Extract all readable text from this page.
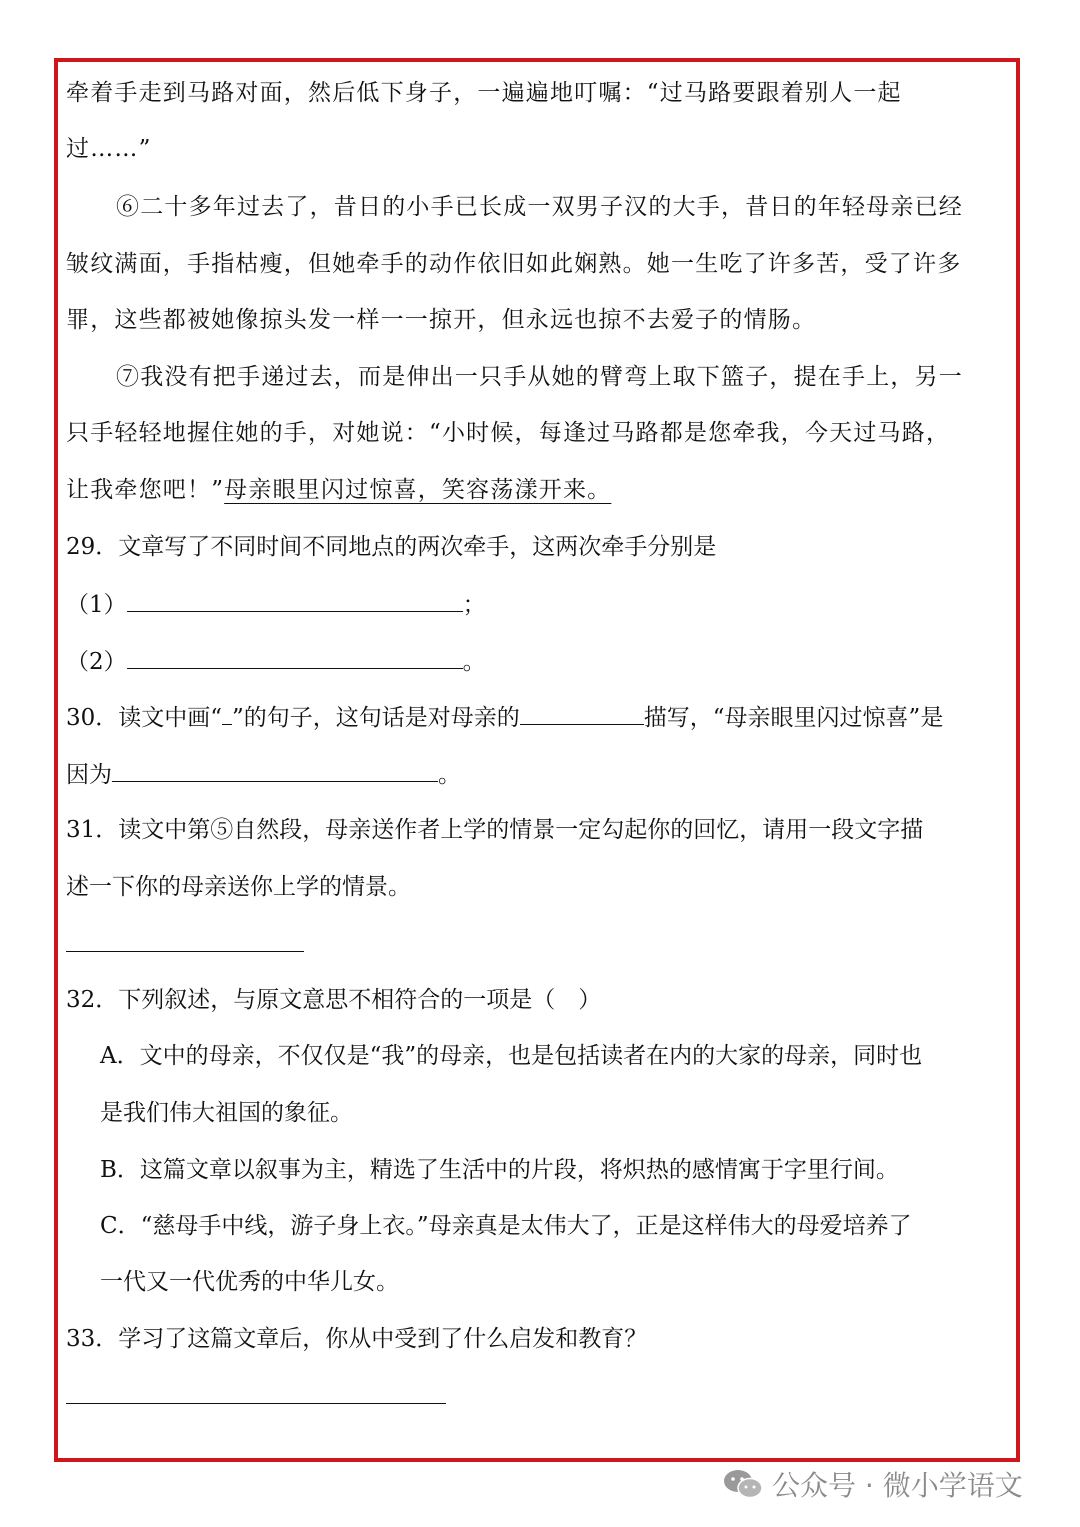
牵着手走到马路对面，然后低下身子，一遍遍地叮嘱：“过马路要跟着别人一起
过……”
⑥二十多年过去了，昔日的小手已长成一双男子汉的大手，昔日的年轻母亲已经
皱纹满面，手指枯瘦，但她牵手的动作依旧如此娴熟。她一生吃了许多苦，受了许多
罪，这些都被她像掠头发一样一一掠开，但永远也掠不去爱子的情肠。
⑦我没有把手递过去，而是伸出一只手从她的臂弯上取下篮子，提在手上，另一
只手轻轻地握住她的手，对她说：“小时候，每逢过马路都是您牵我，今天过马路，
让我牵您吧！”母亲眼里闪过惊喜，笑容荡漾开来。
29．文章写了不同时间不同地点的两次牵手，这两次牵手分别是
（1）	；
（2）	。
30．读文中画“ ”的句子，这句话是对母亲的	描写，“母亲眼里闪过惊喜”是
因为	。
31．读文中第⑤自然段，母亲送作者上学的情景一定勾起你的回忆，请用一段文字描
述一下你的母亲送你上学的情景。
32．下列叙述，与原文意思不相符合的一项是（　）
A．文中的母亲，不仅仅是“我”的母亲，也是包括读者在内的大家的母亲，同时也
是我们伟大祖国的象征。
B．这篇文章以叙事为主，精选了生活中的片段，将炽热的感情寓于字里行间。
C．“慈母手中线，游子身上衣。”母亲真是太伟大了，正是这样伟大的母爱培养了
一代又一代优秀的中华儿女。
33．学习了这篇文章后，你从中受到了什么启发和教育？
公众号 · 微小学语文
